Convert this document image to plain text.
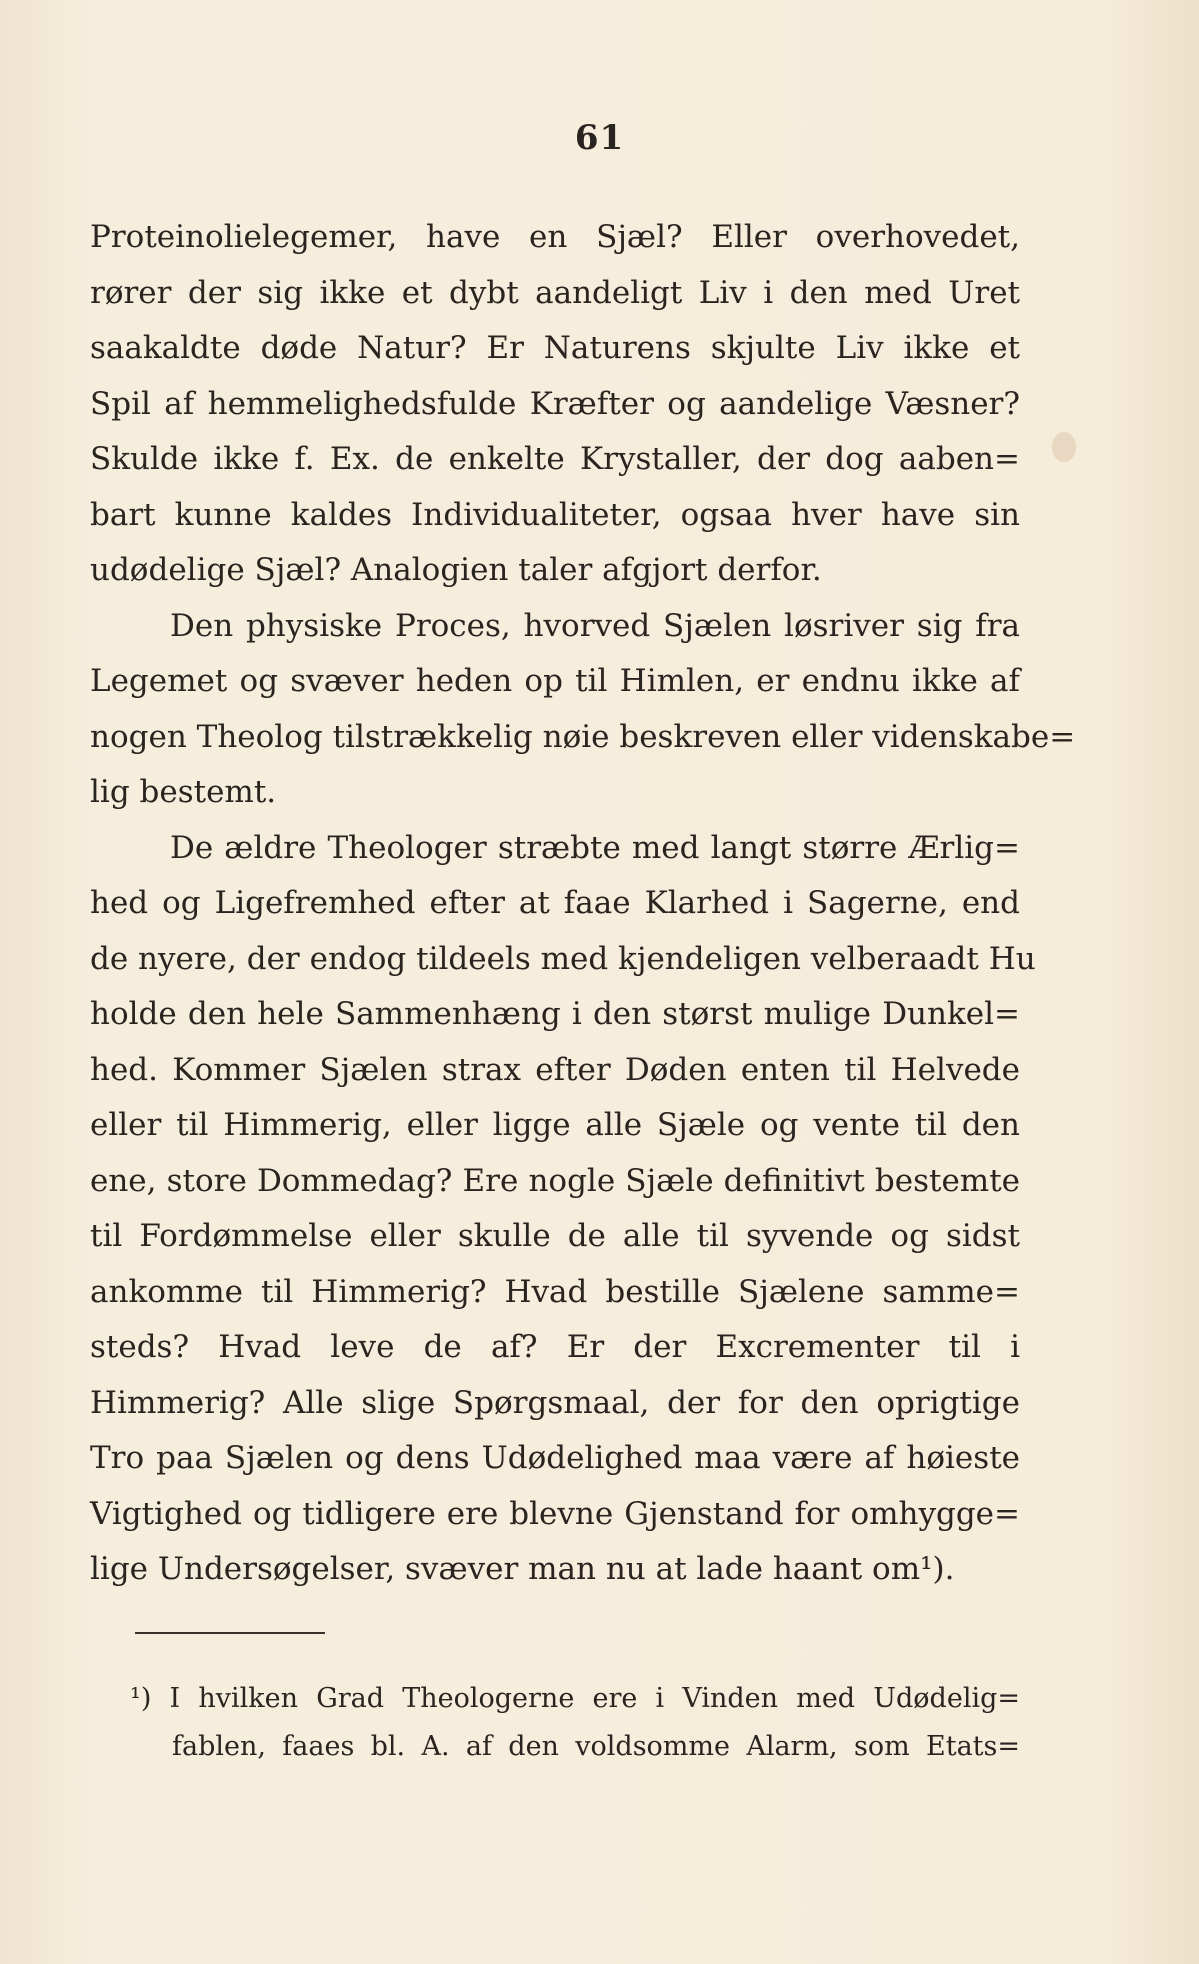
61
Proteinolielegemer, have en Sjæl? Eller overhovedet,
rører der sig ikke et dybt aandeligt Liv i den med Uret
saakaldte døde Natur? Er Naturens skjulte Liv ikke et
Spil af hemmelighedsfulde Kræfter og aandelige Væsner?
Skulde ikke f. Ex. de enkelte Krystaller, der dog aaben=
bart kunne kaldes Individualiteter, ogsaa hver have sin
udødelige Sjæl? Analogien taler afgjort derfor.
Den physiske Proces, hvorved Sjælen løsriver sig fra
Legemet og svæver heden op til Himlen, er endnu ikke af
nogen Theolog tilstrækkelig nøie beskreven eller videnskabe=
lig bestemt.
De ældre Theologer stræbte med langt større Ærlig=
hed og Ligefremhed efter at faae Klarhed i Sagerne, end
de nyere, der endog tildeels med kjendeligen velberaadt Hu
holde den hele Sammenhæng i den størst mulige Dunkel=
hed. Kommer Sjælen strax efter Døden enten til Helvede
eller til Himmerig, eller ligge alle Sjæle og vente til den
ene, store Dommedag? Ere nogle Sjæle definitivt bestemte
til Fordømmelse eller skulle de alle til syvende og sidst
ankomme til Himmerig? Hvad bestille Sjælene samme=
steds? Hvad leve de af? Er der Excrementer til i
Himmerig? Alle slige Spørgsmaal, der for den oprigtige
Tro paa Sjælen og dens Udødelighed maa være af høieste
Vigtighed og tidligere ere blevne Gjenstand for omhygge=
lige Undersøgelser, svæver man nu at lade haant om¹).
¹) I hvilken Grad Theologerne ere i Vinden med Udødelig=
fablen, faaes bl. A. af den voldsomme Alarm, som Etats=
